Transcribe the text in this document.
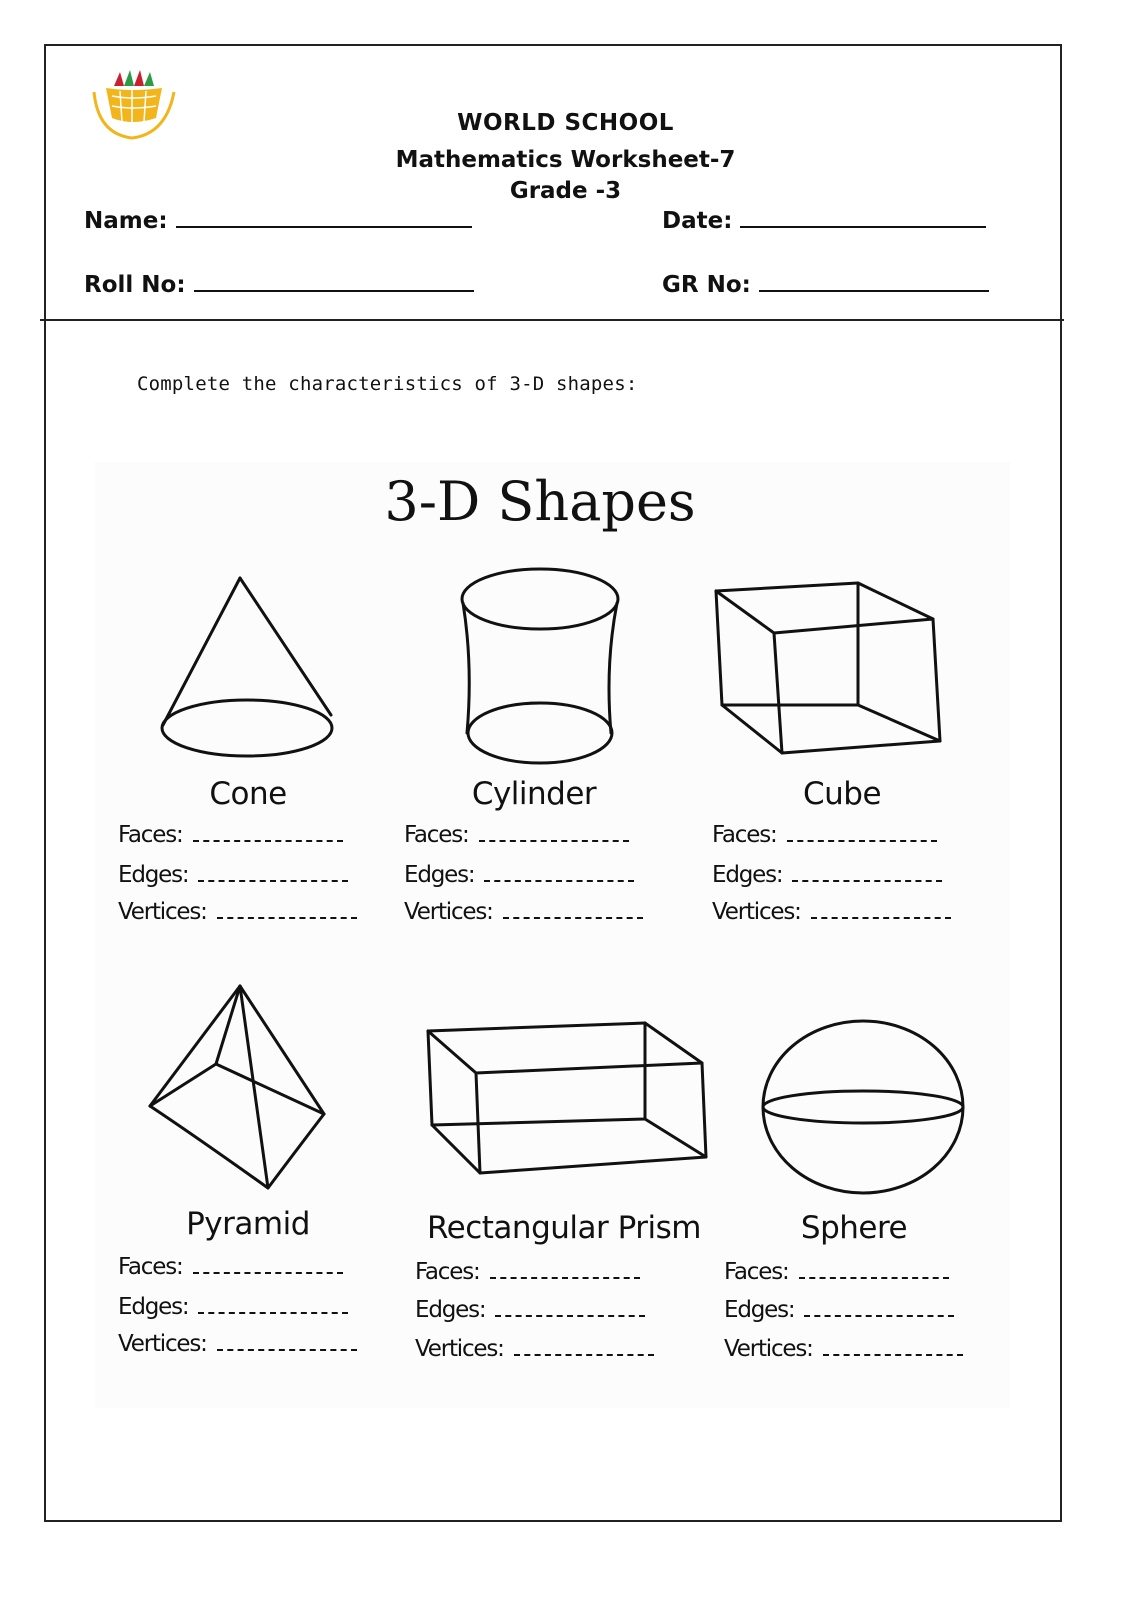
WORLD SCHOOL
Mathematics Worksheet-7
Grade -3
Name:	Date:
Roll No:	GR No:
Complete the characteristics of 3-D shapes:
3-D Shapes
Cone	Cylinder	Cube
Pyramid	Rectangular Prism	Sphere
Faces:
Edges:
Vertices:
Faces:
Edges:
Vertices:
Faces:
Edges:
Vertices:
Faces:
Edges:
Vertices:
Faces:
Edges:
Vertices:
Faces:
Edges:
Vertices:
